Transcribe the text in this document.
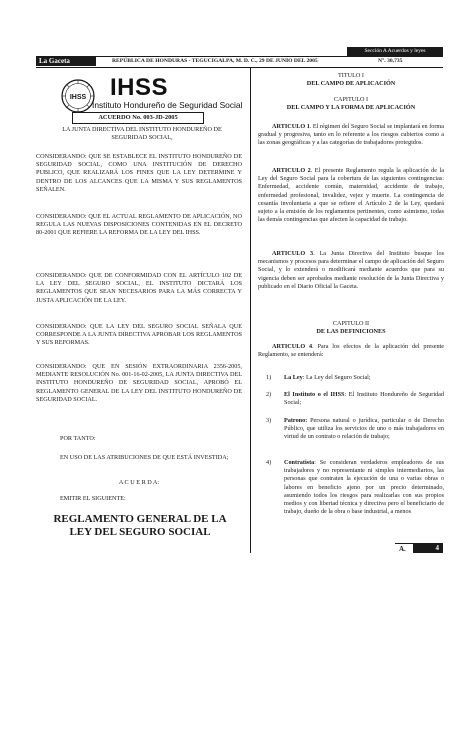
Sección A Acuerdos y leyes
La Gaceta	REPÚBLICA DE HONDURAS - TEGUCIGALPA, M. D. C., 29 DE JUNIO DEL 2005	N°. 30,735
IHSS IHSS
Instituto Hondureño de Seguridad Social
ACUERDO No. 003-JD-2005
LA JUNTA DIRECTIVA DEL INSTITUTO HONDUREÑO DE SEGURIDAD SOCIAL,
CONSIDERANDO: QUE SE ESTABLECE EL INSTITUTO HONDUREÑO DE SEGURIDAD SOCIAL, COMO UNA INSTITUCIÓN DE DERECHO PUBLICO, QUE REALIZARÁ LOS FINES QUE LA LEY DETERMINE Y DENTRO DE LOS ALCANCES QUE LA MISMA Y SUS REGLAMENTOS SEÑALEN.
CONSIDERANDO: QUE EL ACTUAL REGLAMENTO DE APLICACIÓN, NO REGULA LAS NUEVAS DISPOSICIONES CONTENIDAS EN EL DECRETO 80-2001 QUE REFIERE LA REFORMA DE LA LEY DEL IHSS.
CONSIDERANDO: QUE DE CONFORMIDAD CON EL ARTÍCULO 102 DE LA LEY DEL SEGURO SOCIAL, EL INSTITUTO DICTARÁ LOS REGLAMENTOS QUE SEAN NECESARIOS PARA LA MÁS CORRECTA Y JUSTA APLICACIÓN DE LA LEY.
CONSIDERANDO: QUE LA LEY DEL SEGURO SOCIAL SEÑALA QUE CORRESPONDE A LA JUNTA DIRECTIVA APROBAR LOS REGLAMENTOS Y SUS REFORMAS.
CONSIDERANDO: QUE EN SESIÓN EXTRAORDINARIA 2356-2005, MEDIANTE RESOLUCIÓN No. 001-16-02-2005, LA JUNTA DIRECTIVA DEL INSTITUTO HONDUREÑO DE SEGURIDAD SOCIAL, APROBÓ EL REGLAMENTO GENERAL DE LA LEY DEL INSTITUTO HONDUREÑO DE SEGURIDAD SOCIAL.
POR TANTO:
EN USO DE LAS ATRIBUCIONES DE QUE ESTÁ INVESTIDA;
A C U E R D A:
EMITIR EL SIGUIENTE:
REGLAMENTO GENERAL DE LA LEY DEL SEGURO SOCIAL
TITULO I
DEL CAMPO DE APLICACIÓN
CAPITULO I
DEL CAMPO Y LA FORMA DE APLICACIÓN
ARTICULO 1. El régimen del Seguro Social se implantará en forma gradual y progresiva, tanto en lo referente a los riesgos cubiertos como a las zonas geográficas y a las categorías de trabajadores protegidos.
ARTICULO 2. El presente Reglamento regula la aplicación de la Ley del Seguro Social para la cobertura de las siguientes contingencias: Enfermedad, accidente común, maternidad, accidente de trabajo, enfermedad profesional, invalidez, vejez y muerte. La contingencia de cesantía involuntaria a que se refiere el Artículo 2 de la Ley, quedará sujeto a la emisión de los reglamentos pertinentes, como asimismo, todas las demás contingencias que afecten la capacidad de trabajo.
ARTICULO 3. La Junta Directiva del Instituto busque los mecanismos y procesos para determinar el campo de aplicación del Seguro Social, y lo extenderá o modificará mediante acuerdos que para su vigencia deben ser aprobados mediante resolución de la Junta Directiva y publicado en el Diario Oficial la Gaceta.
CAPITULO II
DE LAS DEFINICIONES
ARTICULO 4. Para los efectos de la aplicación del presente Reglamento, se entenderá:
1) La Ley: La Ley del Seguro Social;
2) El Instituto o el IHSS: El Instituto Hondureño de Seguridad Social;
3) Patrono: Persona natural o jurídica, particular o de Derecho Público, que utiliza los servicios de uno o más trabajadores en virtud de un contrato o relación de trabajo;
4) Contratista: Se consideran verdaderos empleadores de sus trabajadores y no representante ni simples intermediarios, las personas que contraten la ejecución de una o varias obras o labores en beneficio ajeno por un precio determinado, asumiendo todos los riesgos para realizarlas con sus propios medios y con libertad técnica y directiva pero el beneficiario de trabajo, dueño de la obra o base industrial, a menos
A.	4
